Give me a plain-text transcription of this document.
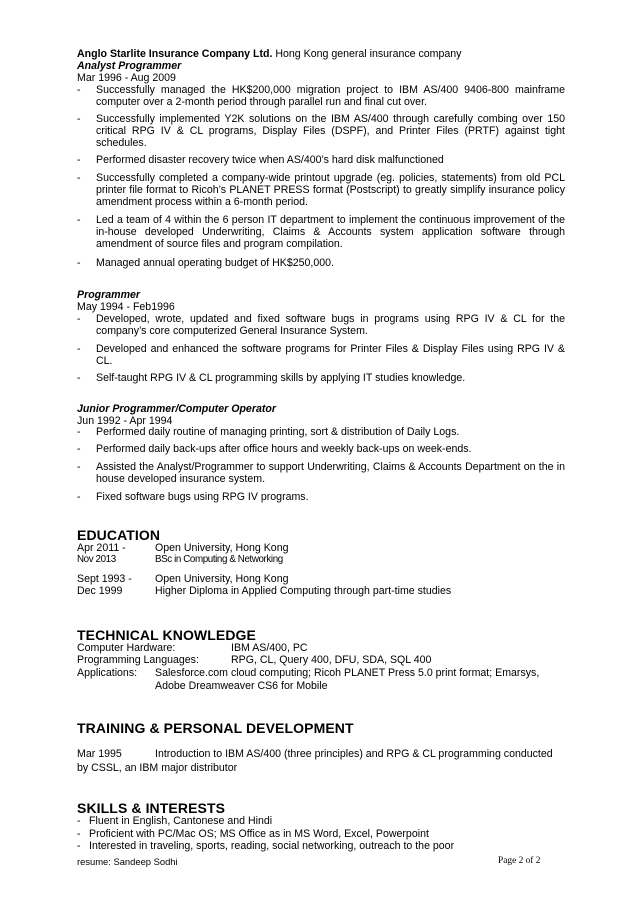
Anglo Starlite Insurance Company Ltd. Hong Kong general insurance company
Analyst Programmer
Mar 1996 - Aug 2009
- Successfully managed the HK$200,000 migration project to IBM AS/400 9406-800 mainframe computer over a 2-month period through parallel run and final cut over.
- Successfully implemented Y2K solutions on the IBM AS/400 through carefully combing over 150 critical RPG IV & CL programs, Display Files (DSPF), and Printer Files (PRTF) against tight schedules.
- Performed disaster recovery twice when AS/400’s hard disk malfunctioned
- Successfully completed a company-wide printout upgrade (eg. policies, statements) from old PCL printer file format to Ricoh’s PLANET PRESS format (Postscript) to greatly simplify insurance policy amendment process within a 6-month period.
- Led a team of 4 within the 6 person IT department to implement the continuous improvement of the in-house developed Underwriting, Claims & Accounts system application software through amendment of source files and program compilation.
- Managed annual operating budget of HK$250,000.
Programmer
May 1994 - Feb1996
- Developed, wrote, updated and fixed software bugs in programs using RPG IV & CL for the company’s core computerized General Insurance System.
- Developed and enhanced the software programs for Printer Files & Display Files using RPG IV & CL.
- Self-taught RPG IV & CL programming skills by applying IT studies knowledge.
Junior Programmer/Computer Operator
Jun 1992 - Apr 1994
- Performed daily routine of managing printing, sort & distribution of Daily Logs.
- Performed daily back-ups after office hours and weekly back-ups on week-ends.
- Assisted the Analyst/Programmer to support Underwriting, Claims & Accounts Department on the in house developed insurance system.
- Fixed software bugs using RPG IV programs.
EDUCATION
Apr 2011 -	Open University, Hong Kong
Nov 2013	BSc in Computing & Networking
Sept 1993 -	Open University, Hong Kong
Dec 1999	Higher Diploma in Applied Computing through part-time studies
TECHNICAL KNOWLEDGE
Computer Hardware:	IBM AS/400, PC
Programming Languages:	RPG, CL, Query 400, DFU, SDA, SQL 400
Applications: Salesforce.com cloud computing; Ricoh PLANET Press 5.0 print format; Emarsys,
Adobe Dreamweaver CS6 for Mobile
TRAINING & PERSONAL DEVELOPMENT
Mar 1995	Introduction to IBM AS/400 (three principles) and RPG & CL programming conducted
by CSSL, an IBM major distributor
SKILLS & INTERESTS
- Fluent in English, Cantonese and Hindi
- Proficient with PC/Mac OS; MS Office as in MS Word, Excel, Powerpoint
- Interested in traveling, sports, reading, social networking, outreach to the poor
resume: Sandeep Sodhi	Page 2 of 2
